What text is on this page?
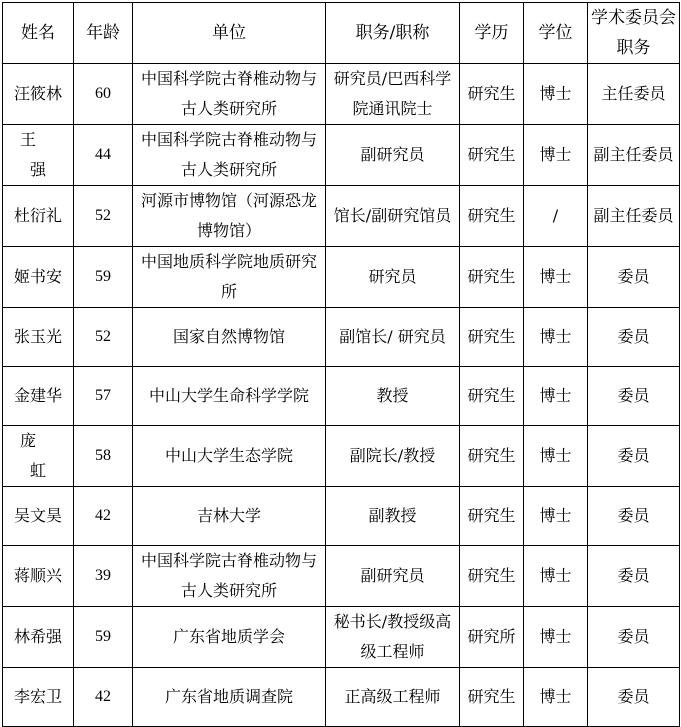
姓名	年龄	单位	职务/职称	学历	学位	学术委员会职务
汪筱林	60	中国科学院古脊椎动物与古人类研究所	研究员/巴西科学院通讯院士	研究生	博士	主任委员
王强	44	中国科学院古脊椎动物与古人类研究所	副研究员	研究生	博士	副主任委员
杜衍礼	52	河源市博物馆（河源恐龙博物馆）	馆长/副研究馆员	研究生	/	副主任委员
姬书安	59	中国地质科学院地质研究所	研究员	研究生	博士	委员
张玉光	52	国家自然博物馆	副馆长/ 研究员	研究生	博士	委员
金建华	57	中山大学生命科学学院	教授	研究生	博士	委员
庞虹	58	中山大学生态学院	副院长/教授	研究生	博士	委员
吴文昊	42	吉林大学	副教授	研究生	博士	委员
蒋顺兴	39	中国科学院古脊椎动物与古人类研究所	副研究员	研究生	博士	委员
林希强	59	广东省地质学会	秘书长/教授级高级工程师	研究所	博士	委员
李宏卫	42	广东省地质调查院	正高级工程师	研究生	博士	委员
